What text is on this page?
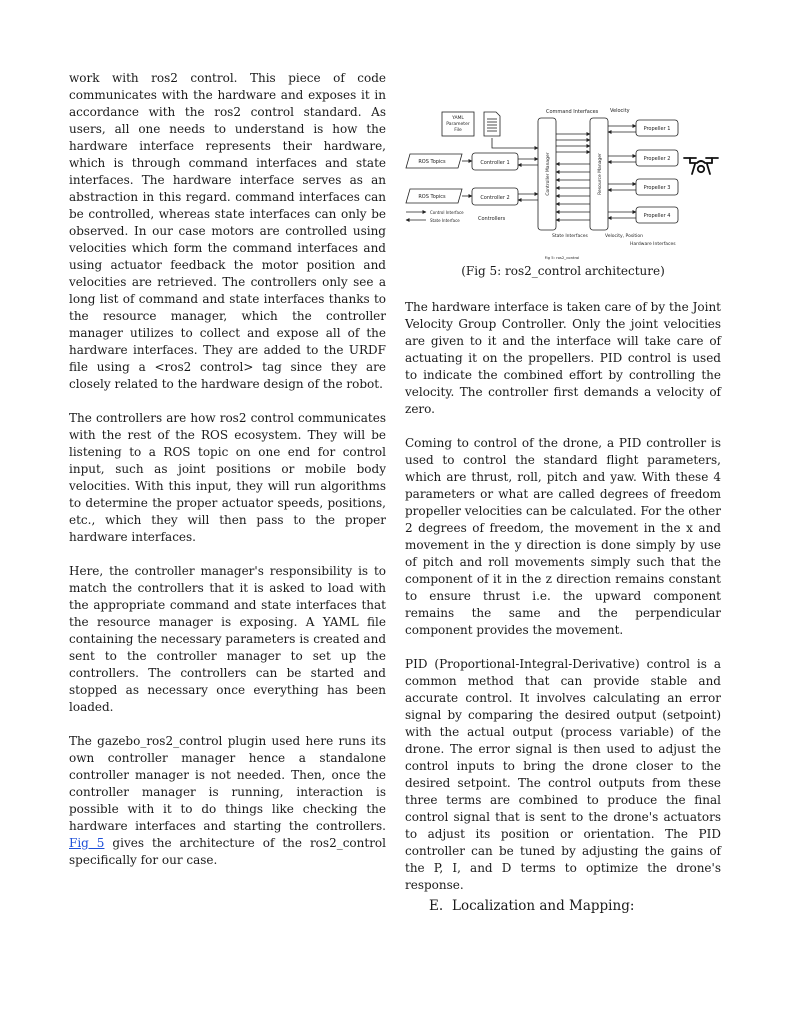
work with ros2 control. This piece of code communicates with the hardware and exposes it in accordance with the ros2 control standard. As users, all one needs to understand is how the hardware interface represents their hardware, which is through command interfaces and state interfaces. The hardware interface serves as an abstraction in this regard. command interfaces can be controlled, whereas state interfaces can only be observed. In our case motors are controlled using velocities which form the command interfaces and using actuator feedback the motor position and velocities are retrieved. The controllers only see a long list of command and state interfaces thanks to the resource manager, which the controller manager utilizes to collect and expose all of the hardware interfaces. They are added to the URDF file using a <ros2 control> tag since they are closely related to the hardware design of the robot.

The controllers are how ros2 control communicates with the rest of the ROS ecosystem. They will be listening to a ROS topic on one end for control input, such as joint positions or mobile body velocities. With this input, they will run algorithms to determine the proper actuator speeds, positions, etc., which they will then pass to the proper hardware interfaces.

Here, the controller manager's responsibility is to match the controllers that it is asked to load with the appropriate command and state interfaces that the resource manager is exposing. A YAML file containing the necessary parameters is created and sent to the controller manager to set up the controllers. The controllers can be started and stopped as necessary once everything has been loaded.

The gazebo_ros2_control plugin used here runs its own controller manager hence a standalone controller manager is not needed. Then, once the controller manager is running, interaction is possible with it to do things like checking the hardware interfaces and starting the controllers. Fig 5 gives the architecture of the ros2_control specifically for our case.

Command Interfaces Velocity
YAML
Parameter
File
ROS Topics	Controller 1
ROS Topics	Controller 2
Control Interface
State Interface	Controllers
Controller Manager	Resource Manager
Propeller 1
Propeller 2
Propeller 3
Propeller 4
State Interfaces	Velocity, Position
Hardware Interfaces
Fig 5: ros2_control
(Fig 5: ros2_control architecture)

The hardware interface is taken care of by the Joint Velocity Group Controller. Only the joint velocities are given to it and the interface will take care of actuating it on the propellers. PID control is used to indicate the combined effort by controlling the velocity. The controller first demands a velocity of zero.

Coming to control of the drone, a PID controller is used to control the standard flight parameters, which are thrust, roll, pitch and yaw. With these 4 parameters or what are called degrees of freedom propeller velocities can be calculated. For the other 2 degrees of freedom, the movement in the x and movement in the y direction is done simply by use of pitch and roll movements simply such that the component of it in the z direction remains constant to ensure thrust i.e. the upward component remains the same and the perpendicular component provides the movement.

PID (Proportional-Integral-Derivative) control is a common method that can provide stable and accurate control. It involves calculating an error signal by comparing the desired output (setpoint) with the actual output (process variable) of the drone. The error signal is then used to adjust the control inputs to bring the drone closer to the desired setpoint. The control outputs from these three terms are combined to produce the final control signal that is sent to the drone's actuators to adjust its position or orientation. The PID controller can be tuned by adjusting the gains of the P, I, and D terms to optimize the drone's response.

E. Localization and Mapping:
